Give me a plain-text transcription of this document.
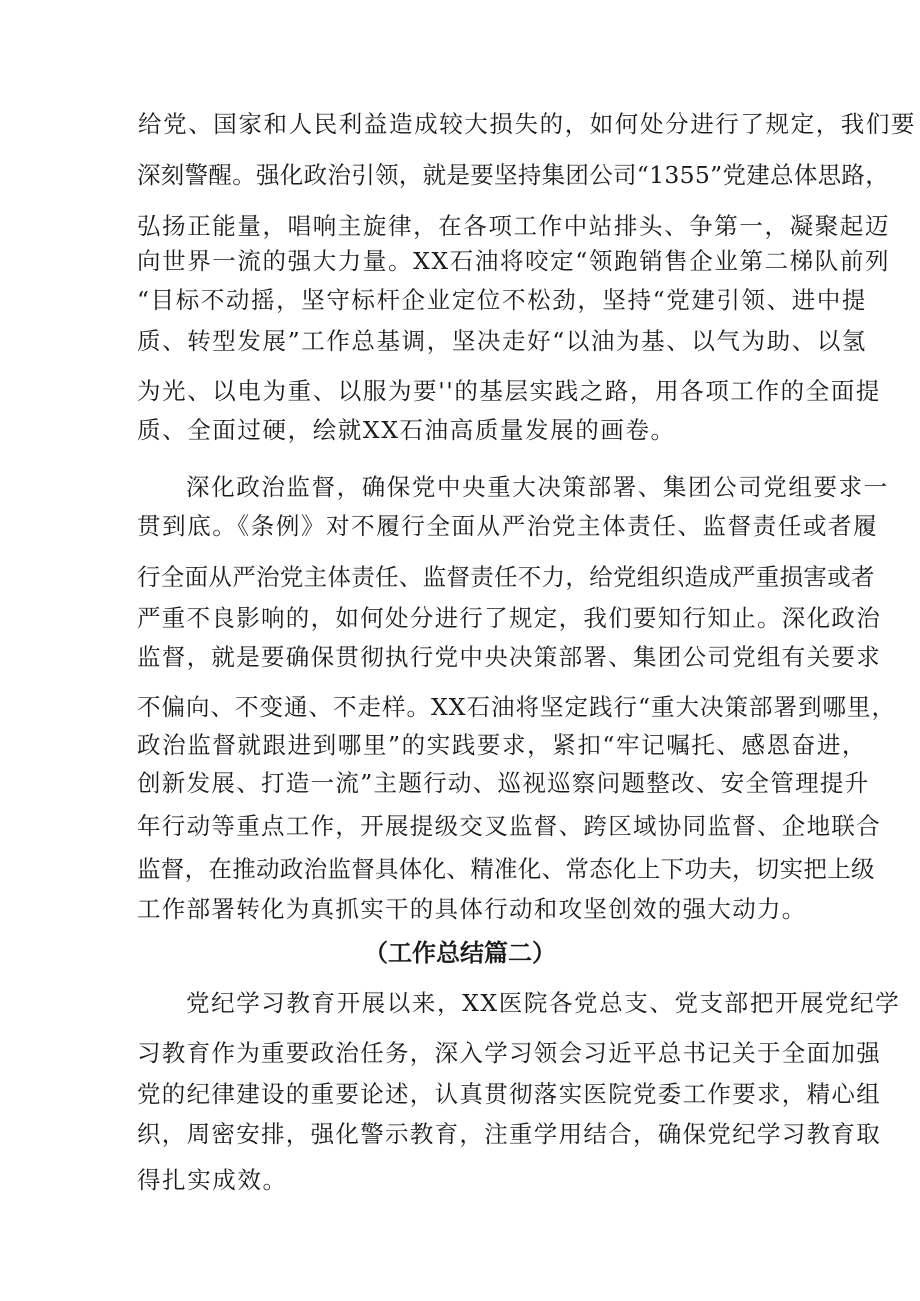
给党、国家和人民利益造成较大损失的，如何处分进行了规定，我们要
深刻警醒。强化政治引领，就是要坚持集团公司“1355”党建总体思路，
弘扬正能量，唱响主旋律，在各项工作中站排头、争第一，凝聚起迈
向世界一流的强大力量。XX石油将咬定“领跑销售企业第二梯队前列
“目标不动摇，坚守标杆企业定位不松劲，坚持“党建引领、进中提
质、转型发展”工作总基调，坚决走好“以油为基、以气为助、以氢
为光、以电为重、以服为要''的基层实践之路，用各项工作的全面提
质、全面过硬，绘就XX石油高质量发展的画卷。
深化政治监督，确保党中央重大决策部署、集团公司党组要求一
贯到底。《条例》对不履行全面从严治党主体责任、监督责任或者履
行全面从严治党主体责任、监督责任不力，给党组织造成严重损害或者
严重不良影响的，如何处分进行了规定，我们要知行知止。深化政治
监督，就是要确保贯彻执行党中央决策部署、集团公司党组有关要求
不偏向、不变通、不走样。XX石油将坚定践行“重大决策部署到哪里，
政治监督就跟进到哪里”的实践要求，紧扣“牢记嘱托、感恩奋进，
创新发展、打造一流”主题行动、巡视巡察问题整改、安全管理提升
年行动等重点工作，开展提级交叉监督、跨区域协同监督、企地联合
监督，在推动政治监督具体化、精准化、常态化上下功夫，切实把上级
工作部署转化为真抓实干的具体行动和攻坚创效的强大动力。
（工作总结篇二）
党纪学习教育开展以来，XX医院各党总支、党支部把开展党纪学
习教育作为重要政治任务，深入学习领会习近平总书记关于全面加强
党的纪律建设的重要论述，认真贯彻落实医院党委工作要求，精心组
织，周密安排，强化警示教育，注重学用结合，确保党纪学习教育取
得扎实成效。
